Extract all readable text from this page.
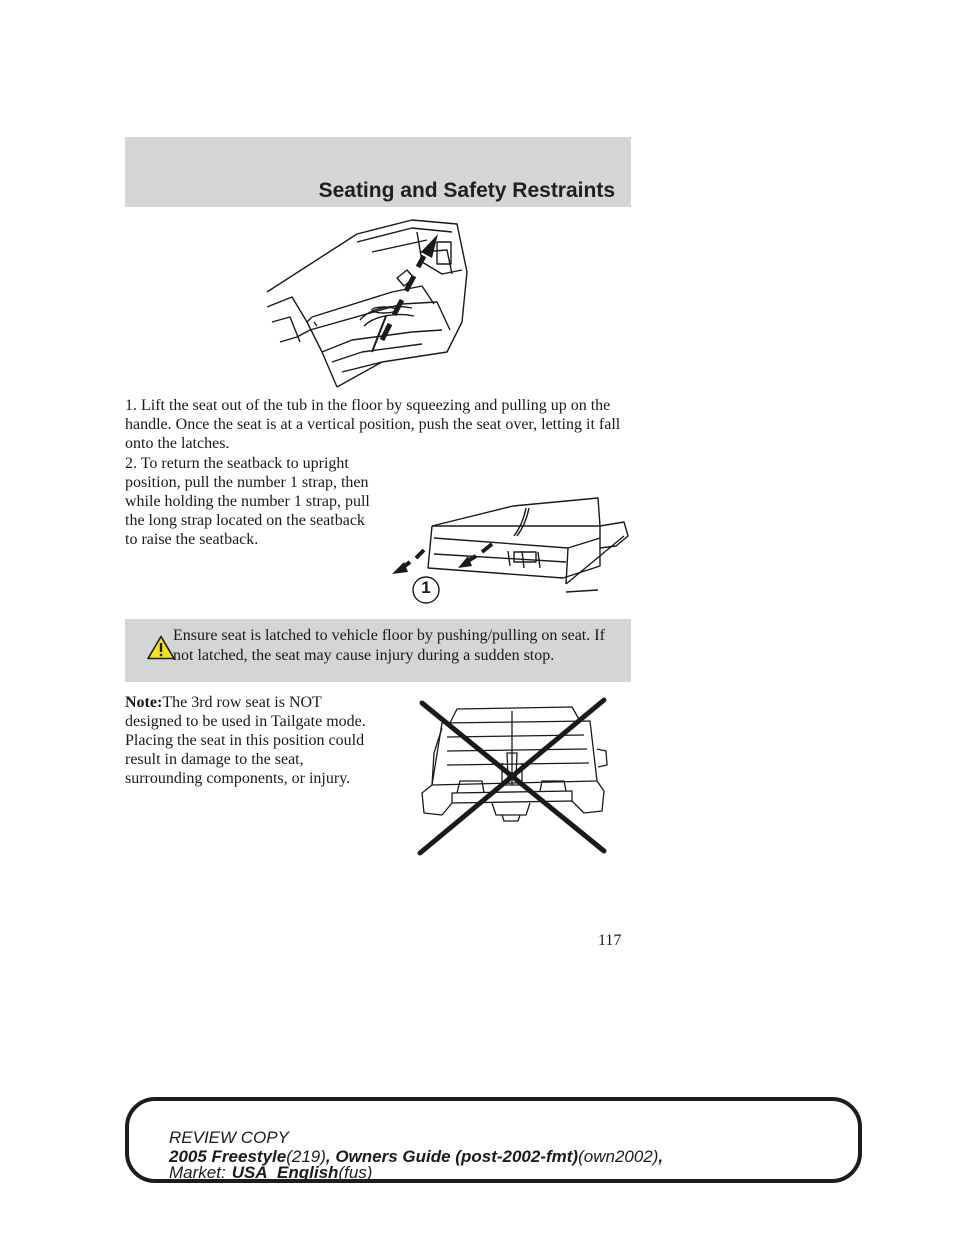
Seating and Safety Restraints

1. Lift the seat out of the tub in the floor by squeezing and pulling up on the handle. Once the seat is at a vertical position, push the seat over, letting it fall onto the latches.

2. To return the seatback to upright position, pull the number 1 strap, then while holding the number 1 strap, pull the long strap located on the seatback to raise the seatback.

1

Ensure seat is latched to vehicle floor by pushing/pulling on seat. If not latched, the seat may cause injury during a sudden stop.

Note:The 3rd row seat is NOT designed to be used in Tailgate mode. Placing the seat in this position could result in damage to the seat, surrounding components, or injury.

117

REVIEW COPY

2005 Freestyle(219), Owners Guide (post-2002-fmt)(own2002),

Market: USA_English(fus)
